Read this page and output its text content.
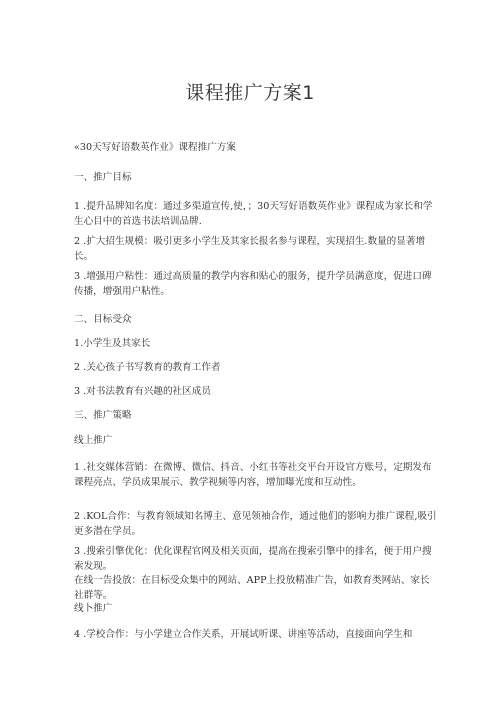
课程推广方案1

«30天写好语数英作业》课程推广方案

一、推广目标

1 .提升品牌知名度：通过多渠道宣传,使，；30天写好语数英作业》课程成为家长和学生心目中的首选书法培训品牌.

2 .扩大招生规模：吸引更多小学生及其家长报名参与课程，实现招生.数量的显著增长。

3 .增强用户粘性：通过高质量的教学内容和贴心的服务，提升学员满意度，促进口碑传播，增强用户粘性。

二、目标受众

1.小学生及其家长

2 .关心孩子书写教育的教育工作者

3 .对书法教育有兴趣的社区成员

三、推广策略

线上推广

1 .社交媒体营销：在微博、微信、抖音、小红书等社交平台开设官方账号，定期发布课程亮点、学员成果展示、教学视频等内容，增加曝光度和互动性。

2 .KOL合作：与教育领域知名博主、意见领袖合作，通过他们的影响力推广课程,吸引更多潜在学员。

3 .搜索引擎优化：优化课程官网及相关页面，提高在搜索引擎中的排名，便于用户搜索发现。

在线一告投放：在目标受众集中的网站、APP上投放精准广告，如教育类网站、家长社群等。

线卜推广

4 .学校合作：与小学建立合作关系，开展试听课、讲座等活动，直接面向学生和
